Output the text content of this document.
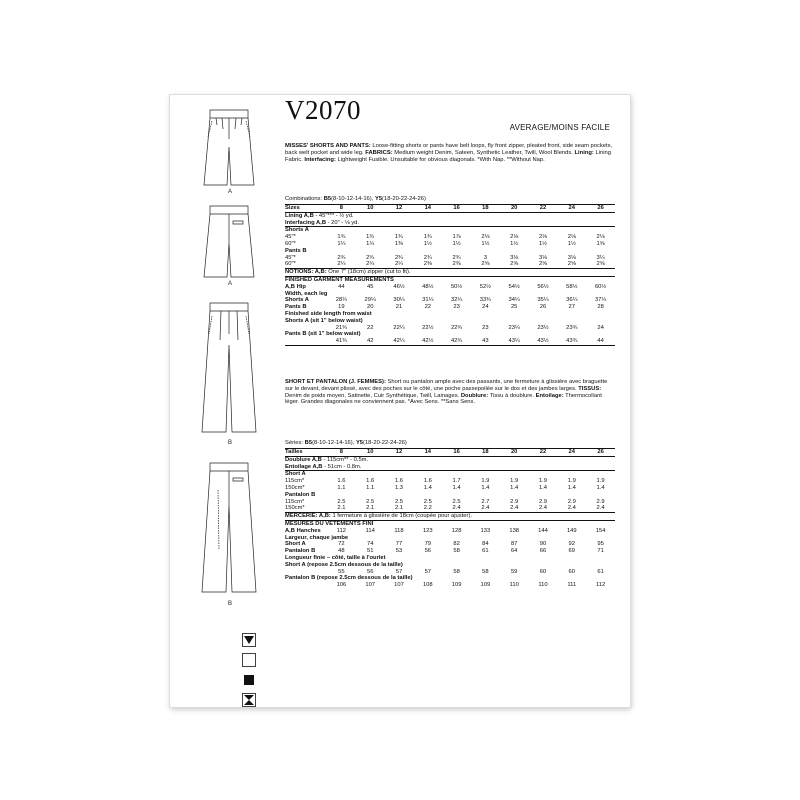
A
A
B
B
V2070
AVERAGE/MOINS FACILE
MISSES' SHORTS AND PANTS: Loose-fitting shorts or pants have belt loops, fly front zipper, pleated front, side seam pockets, back welt pocket and wide leg. FABRICS: Medium weight Denim, Sateen, Synthetic Leather, Twill, Wool Blends. Lining: Lining Fabric. Interfacing: Lightweight Fusible. Unsuitable for obvious diagonals. *With Nap. **Without Nap.
Combinations: B5(8-10-12-14-16), Y5(18-20-22-24-26)
Sizes	8	10	12	14	16	18	20	22	24	26
Lining A,B - 45"*** - ½ yd.										
Interfacing A,B - 20" - ⅛ yd.										
Shorts A										
45"*	1¾	1¾	1¾	1¾	1⅞	2⅛	2⅛	2⅛	2⅛	2⅛
60"*	1¼	1¼	1⅜	1½	1½	1½	1½	1½	1½	1⅝
Pants B										
45"*	2¾	2¾	2¾	2¾	2¾	3	3⅛	3⅛	3⅛	3¼
60"*	2¼	2¼	2¼	2⅜	2⅜	2⅝	2⅝	2⅝	2⅝	2⅝
NOTIONS: A,B: One 7" (18cm) zipper (cut to fit).										
FINISHED GARMENT MEASUREMENTS										
A,B Hip	44	45	46½	48½	50½	52½	54½	56½	58½	60½
Width, each leg										
Shorts A	28¼	29¼	30¼	31¼	32¼	33¾	34¼	35¼	36¼	37¼
Pants B	19	20	21	22	23	24	25	26	27	28
Finished side length from waist										
Shorts A (sit 1" below waist)										
	21¾	22	22¼	22½	22¾	23	23¼	23½	23¾	24
Pants B (sit 1" below waist)										
	41¾	42	42¼	42½	42¾	43	43¼	43½	43¾	44
SHORT ET PANTALON (J. FEMMES): Short ou pantalon ample avec des passants, une fermeture à glissière avec braguette sur le devant, devant plissé, avec des poches sur le côté, une poche passepoilée sur le dos et des jambes larges. TISSUS: Denim de poids moyen, Satinette, Cuir Synthétique, Twill, Lainages. Doublure: Tissu à doublure. Entoilage: Thermocollant léger. Grandes diagonales ne conviennent pas. *Avec Sens. **Sans Sens.
Séries: B5(8-10-12-14-16), Y5(18-20-22-24-26)
Tailles	8	10	12	14	16	18	20	22	24	26
Doublure A,B - 115cm** - 0.5m.										
Entoilage A,B - 51cm - 0.8m.										
Short A										
115cm*	1.6	1.6	1.6	1.6	1.7	1.9	1.9	1.9	1.9	1.9
150cm*	1.1	1.1	1.3	1.4	1.4	1.4	1.4	1.4	1.4	1.4
Pantalon B										
115cm*	2.5	2.5	2.5	2.5	2.5	2.7	2.9	2.9	2.9	2.9
150cm*	2.1	2.1	2.1	2.2	2.4	2.4	2.4	2.4	2.4	2.4
MERCERIE: A,B: 1 fermeture à glissière de 18cm (coupée pour ajuster).										
MESURES DU VÊTEMENTS FINI										
A,B Hanches	112	114	118	123	128	133	138	144	149	154
Largeur, chaque jambe										
Short A	72	74	77	79	82	84	87	90	92	95
Pantalon B	48	51	53	56	58	61	64	66	69	71
Longueur finie – côté, taille à l'ourlet										
Short A (repose 2.5cm dessous de la taille)										
	55	56	57	57	58	58	59	60	60	61
Pantalon B (repose 2.5cm dessous de la taille)										
	106	107	107	108	109	109	110	110	111	112
